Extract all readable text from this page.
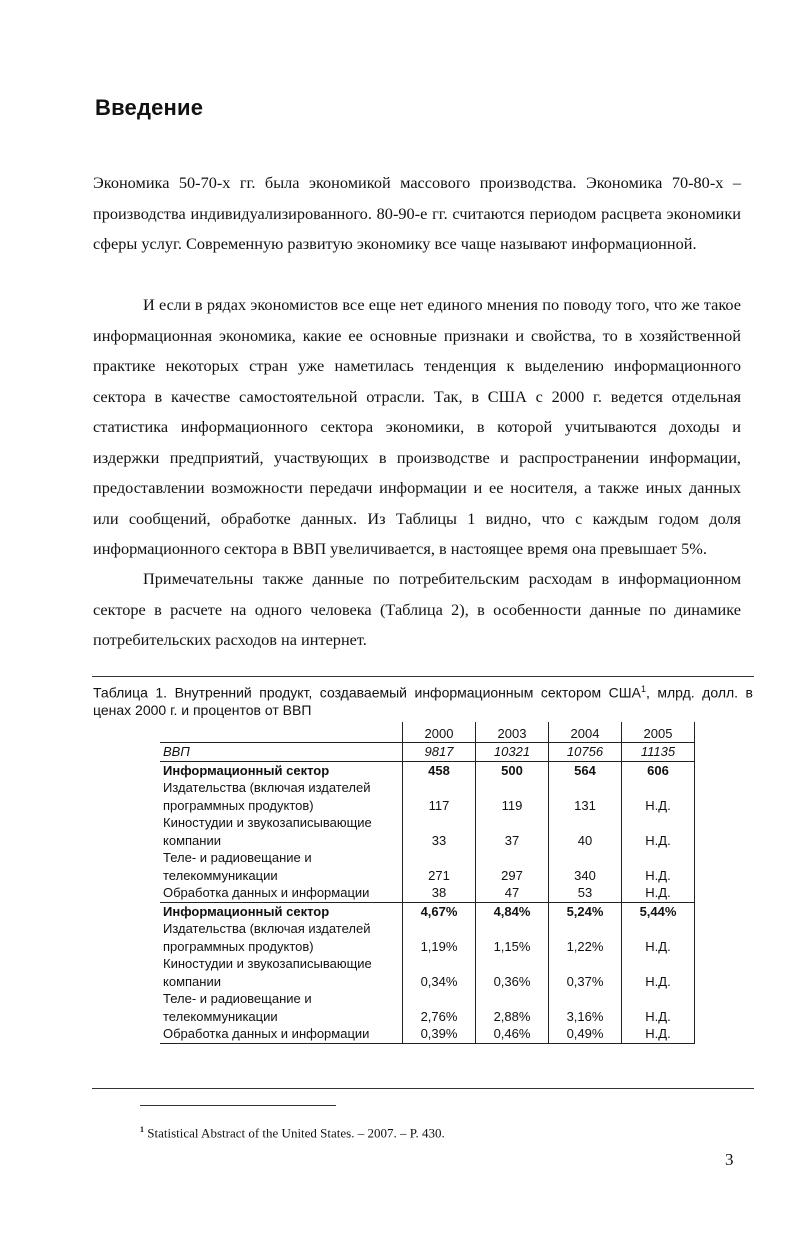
Введение

Экономика 50-70-х гг. была экономикой массового производства. Экономика 70-80-х – производства индивидуализированного. 80-90-е гг. считаются периодом расцвета экономики сферы услуг. Современную развитую экономику все чаще называют информационной.

И если в рядах экономистов все еще нет единого мнения по поводу того, что же такое информационная экономика, какие ее основные признаки и свойства, то в хозяйственной практике некоторых стран уже наметилась тенденция к выделению информационного сектора в качестве самостоятельной отрасли. Так, в США с 2000 г. ведется отдельная статистика информационного сектора экономики, в которой учитываются доходы и издержки предприятий, участвующих в производстве и распространении информации, предоставлении возможности передачи информации и ее носителя, а также иных данных или сообщений, обработке данных. Из Таблицы 1 видно, что с каждым годом доля информационного сектора в ВВП увеличивается, в настоящее время она превышает 5%.

Примечательны также данные по потребительским расходам в информационном секторе в расчете на одного человека (Таблица 2), в особенности данные по динамике потребительских расходов на интернет.

Таблица 1. Внутренний продукт, создаваемый информационным сектором США$^1$, млрд. долл. в ценах 2000 г. и процентов от ВВП
	2000	2003	2004	2005
ВВП	9817	10321	10756	11135
Информационный сектор	458	500	564	606
Издательства (включая издателей
программных продуктов)	117	119	131	Н.Д.
Киностудии и звукозаписывающие
компании	33	37	40	Н.Д.
Теле- и радиовещание и
телекоммуникации	271	297	340	Н.Д.
Обработка данных и информации	38	47	53	Н.Д.
Информационный сектор	4,67%	4,84%	5,24%	5,44%
Издательства (включая издателей
программных продуктов)	1,19%	1,15%	1,22%	Н.Д.
Киностудии и звукозаписывающие
компании	0,34%	0,36%	0,37%	Н.Д.
Теле- и радиовещание и
телекоммуникации	2,76%	2,88%	3,16%	Н.Д.
Обработка данных и информации	0,39%	0,46%	0,49%	Н.Д.
$^1$ Statistical Abstract of the United States. – 2007. – P. 430.
3
